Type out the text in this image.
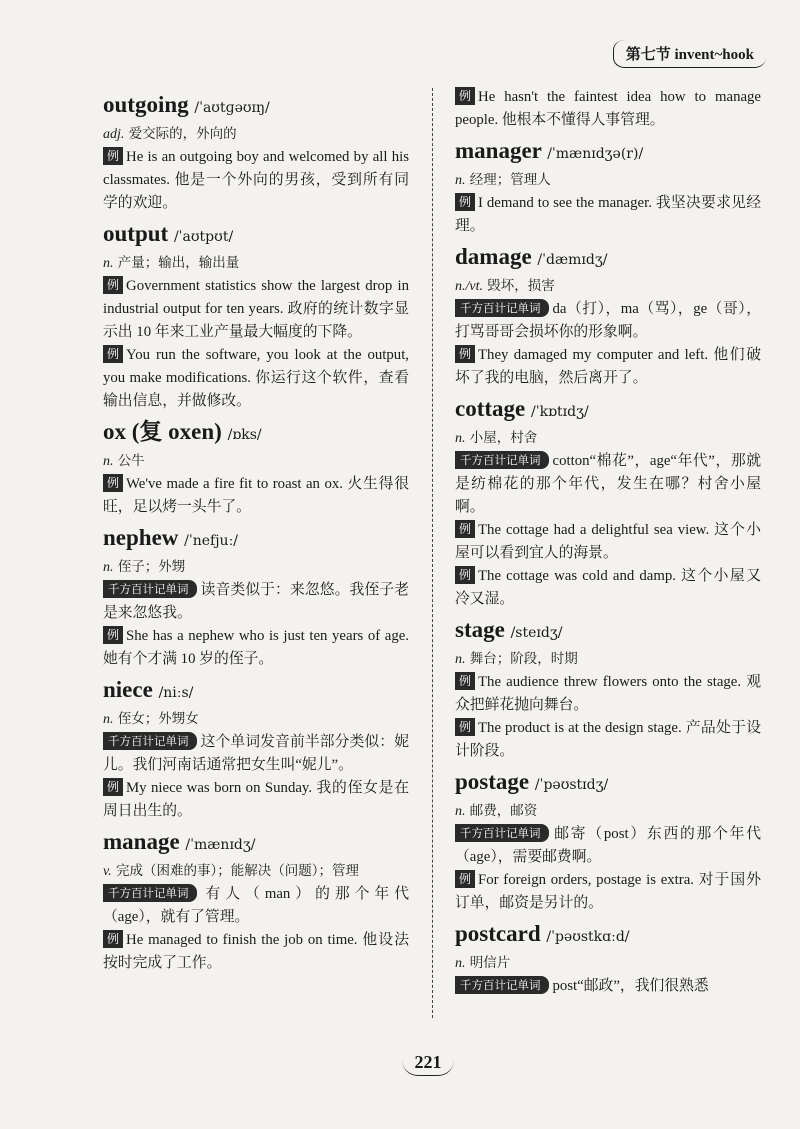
第七节 invent~hook
outgoing /ˈaʊtɡəʊɪŋ/
adj. 爱交际的，外向的
例 He is an outgoing boy and welcomed by all his classmates. 他是一个外向的男孩，受到所有同学的欢迎。
output /ˈaʊtpʊt/
n. 产量；输出，输出量
例 Government statistics show the largest drop in industrial output for ten years. 政府的统计数字显示出 10 年来工业产量最大幅度的下降。
例 You run the software, you look at the output, you make modifications. 你运行这个软件，查看输出信息，并做修改。
ox (复 oxen) /ɒks/
n. 公牛
例 We've made a fire fit to roast an ox. 火生得很旺，足以烤一头牛了。
nephew /ˈnefjuː/
n. 侄子；外甥
千方百计记单词 读音类似于：来忽悠。我侄子老是来忽悠我。
例 She has a nephew who is just ten years of age. 她有个才满 10 岁的侄子。
niece /niːs/
n. 侄女；外甥女
千方百计记单词 这个单词发音前半部分类似：妮儿。我们河南话通常把女生叫“妮儿”。
例 My niece was born on Sunday. 我的侄女是在周日出生的。
manage /ˈmænɪdʒ/
v. 完成（困难的事）；能解决（问题）；管理
千方百计记单词 有人（man）的那个年代（age），就有了管理。
例 He managed to finish the job on time. 他设法按时完成了工作。
例 He hasn't the faintest idea how to manage people. 他根本不懂得人事管理。
manager /ˈmænɪdʒə(r)/
n. 经理；管理人
例 I demand to see the manager. 我坚决要求见经理。
damage /ˈdæmɪdʒ/
n./vt. 毁坏，损害
千方百计记单词 da（打），ma（骂），ge（哥），打骂哥哥会损坏你的形象啊。
例 They damaged my computer and left. 他们破坏了我的电脑，然后离开了。
cottage /ˈkɒtɪdʒ/
n. 小屋，村舍
千方百计记单词 cotton“棉花”，age“年代”，那就是纺棉花的那个年代，发生在哪？村舍小屋啊。
例 The cottage had a delightful sea view. 这个小屋可以看到宜人的海景。
例 The cottage was cold and damp. 这个小屋又冷又湿。
stage /steɪdʒ/
n. 舞台；阶段，时期
例 The audience threw flowers onto the stage. 观众把鲜花抛向舞台。
例 The product is at the design stage. 产品处于设计阶段。
postage /ˈpəʊstɪdʒ/
n. 邮费，邮资
千方百计记单词 邮寄（post）东西的那个年代（age），需要邮费啊。
例 For foreign orders, postage is extra. 对于国外订单，邮资是另计的。
postcard /ˈpəʊstkɑːd/
n. 明信片
千方百计记单词 post“邮政”，我们很熟悉
221
